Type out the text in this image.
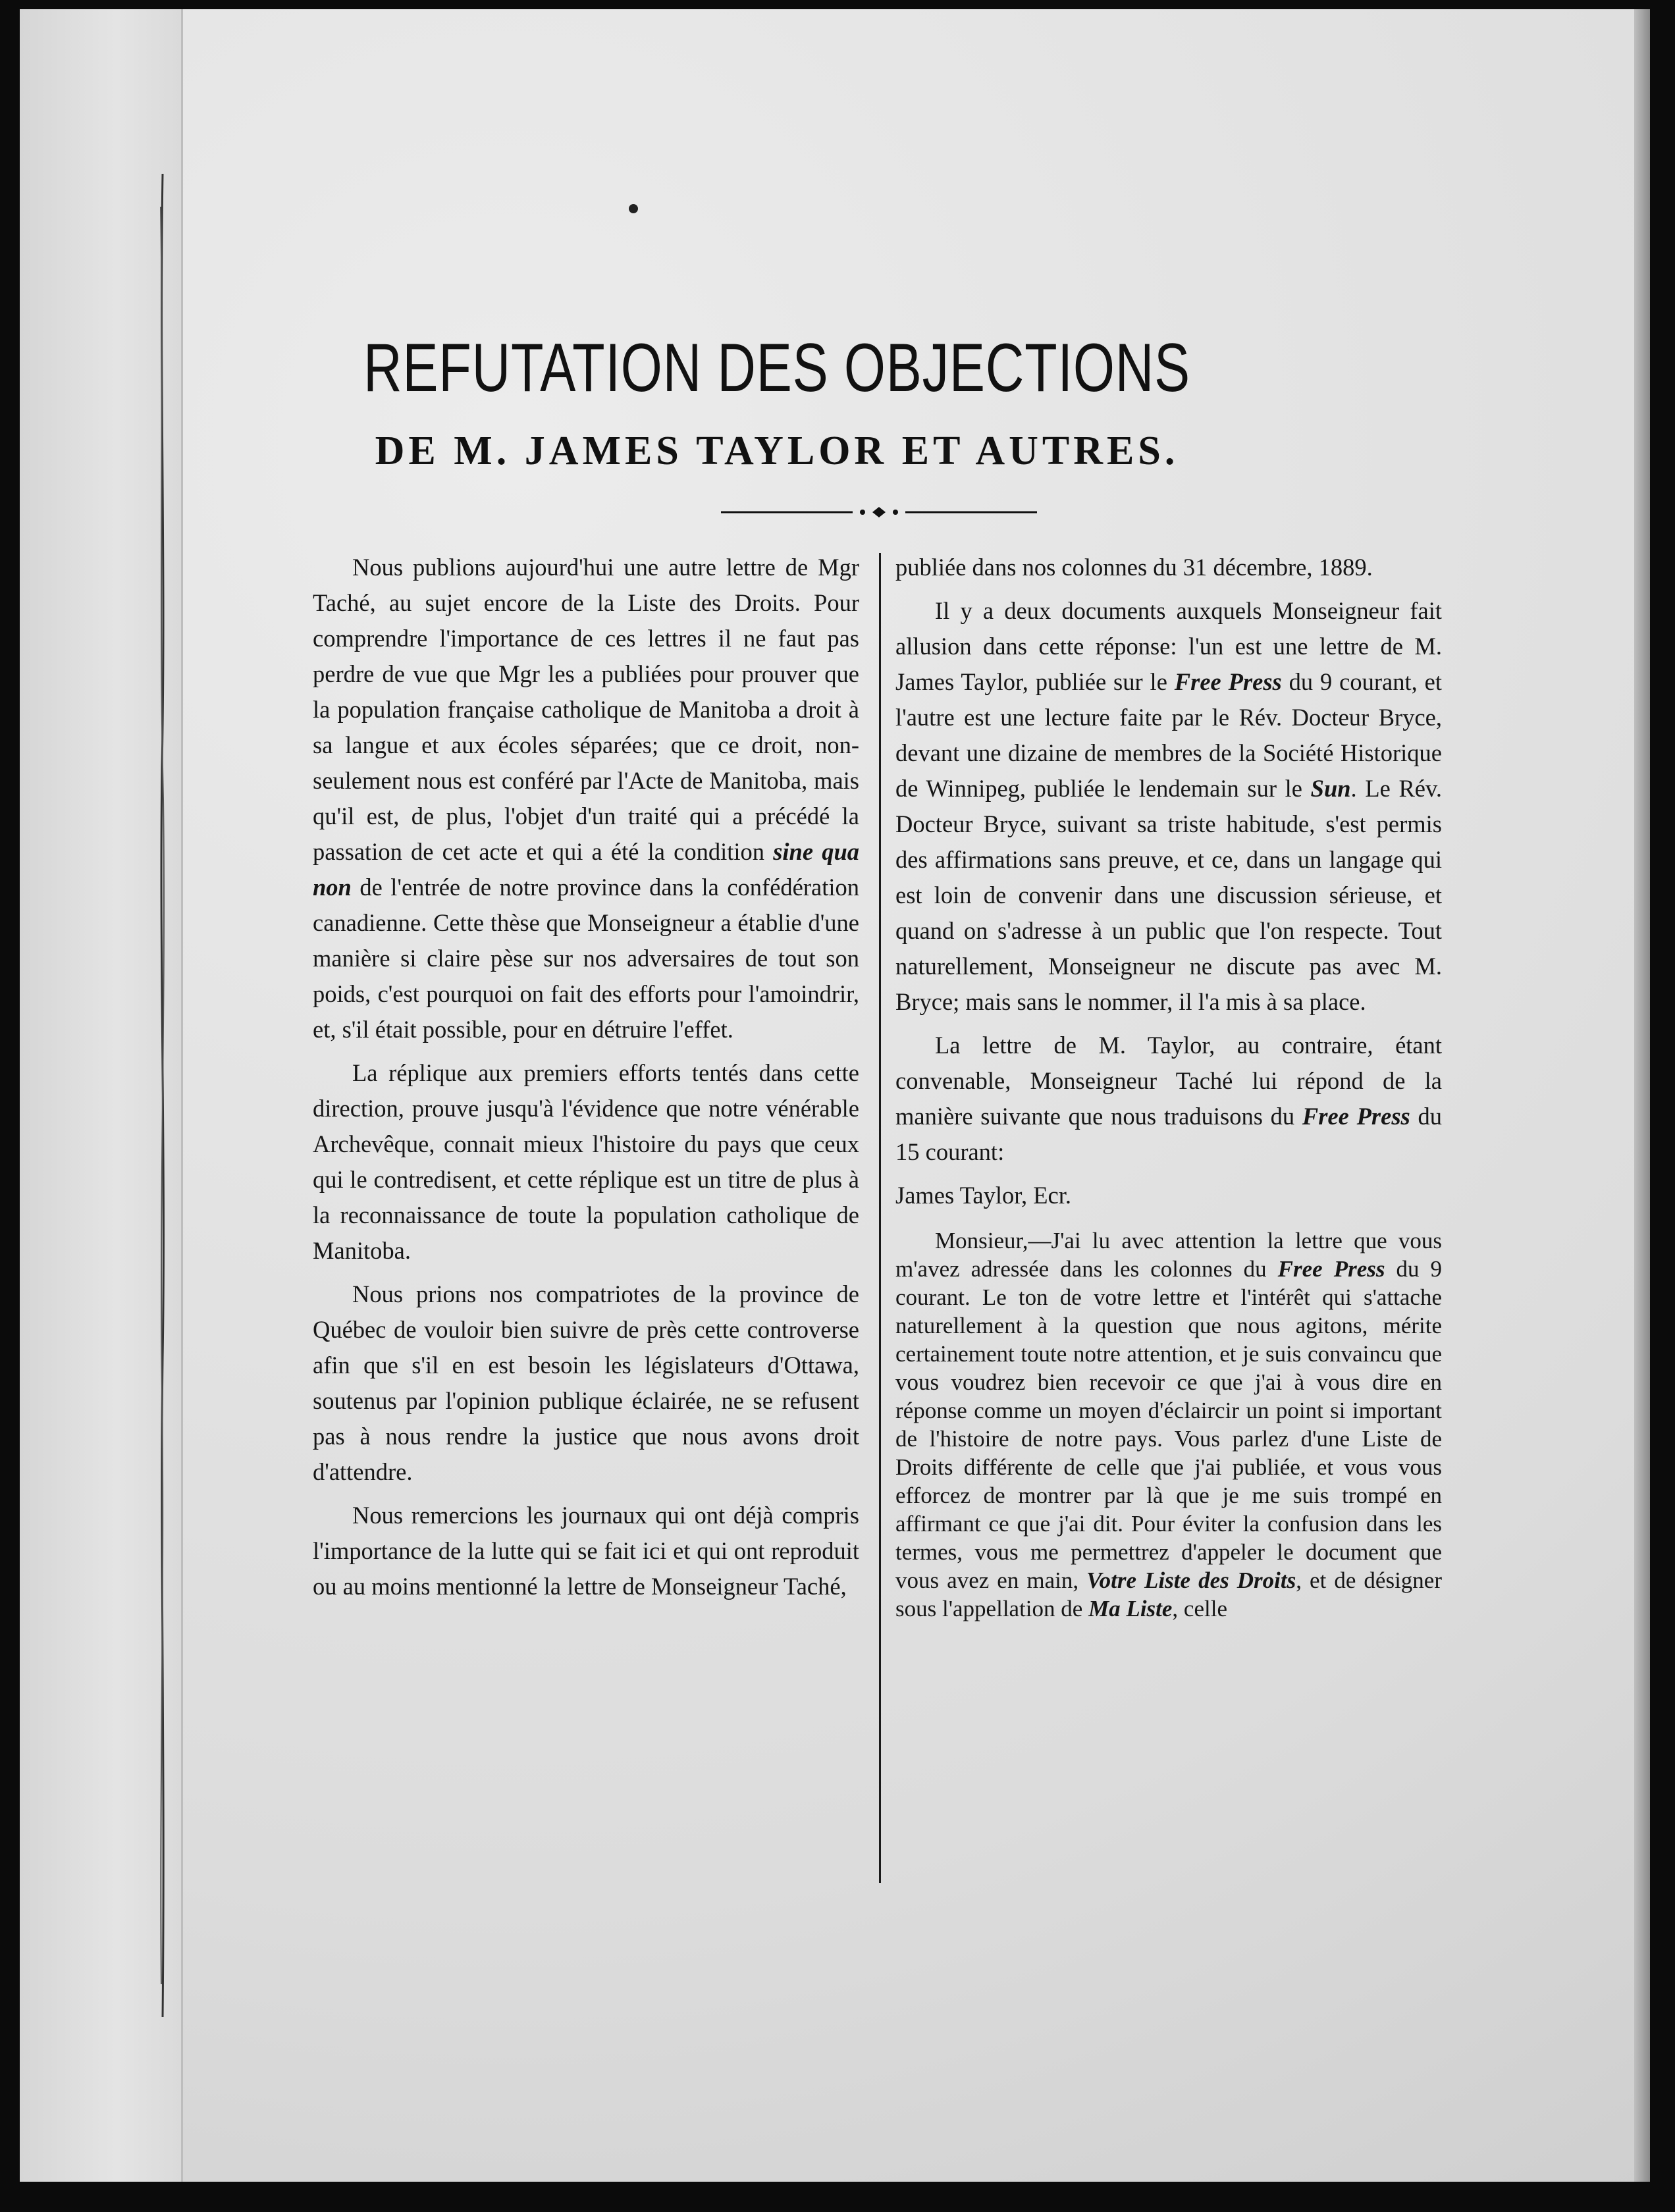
REFUTATION DES OBJECTIONS
DE M. JAMES TAYLOR ET AUTRES.

Nous publions aujourd'hui une autre lettre de Mgr Taché, au sujet encore de la Liste des Droits. Pour comprendre l'importance de ces lettres il ne faut pas perdre de vue que Mgr les a publiées pour prouver que la population française catholique de Manitoba a droit à sa langue et aux écoles séparées; que ce droit, non-seulement nous est conféré par l'Acte de Manitoba, mais qu'il est, de plus, l'objet d'un traité qui a précédé la passation de cet acte et qui a été la condition sine qua non de l'entrée de notre province dans la confédération canadienne. Cette thèse que Monseigneur a établie d'une manière si claire pèse sur nos adversaires de tout son poids, c'est pourquoi on fait des efforts pour l'amoindrir, et, s'il était possible, pour en détruire l'effet.

La réplique aux premiers efforts tentés dans cette direction, prouve jusqu'à l'évidence que notre vénérable Archevêque, connait mieux l'histoire du pays que ceux qui le contredisent, et cette réplique est un titre de plus à la reconnaissance de toute la population catholique de Manitoba.

Nous prions nos compatriotes de la province de Québec de vouloir bien suivre de près cette controverse afin que s'il en est besoin les législateurs d'Ottawa, soutenus par l'opinion publique éclairée, ne se refusent pas à nous rendre la justice que nous avons droit d'attendre.

Nous remercions les journaux qui ont déjà compris l'importance de la lutte qui se fait ici et qui ont reproduit ou au moins mentionné la lettre de Monseigneur Taché,

publiée dans nos colonnes du 31 décembre, 1889.

Il y a deux documents auxquels Monseigneur fait allusion dans cette réponse: l'un est une lettre de M. James Taylor, publiée sur le Free Press du 9 courant, et l'autre est une lecture faite par le Rév. Docteur Bryce, devant une dizaine de membres de la Société Historique de Winnipeg, publiée le lendemain sur le Sun. Le Rév. Docteur Bryce, suivant sa triste habitude, s'est permis des affirmations sans preuve, et ce, dans un langage qui est loin de convenir dans une discussion sérieuse, et quand on s'adresse à un public que l'on respecte. Tout naturellement, Monseigneur ne discute pas avec M. Bryce; mais sans le nommer, il l'a mis à sa place.

La lettre de M. Taylor, au contraire, étant convenable, Monseigneur Taché lui répond de la manière suivante que nous traduisons du Free Press du 15 courant:

James Taylor, Ecr.

Monsieur,—J'ai lu avec attention la lettre que vous m'avez adressée dans les colonnes du Free Press du 9 courant. Le ton de votre lettre et l'intérêt qui s'attache naturellement à la question que nous agitons, mérite certainement toute notre attention, et je suis convaincu que vous voudrez bien recevoir ce que j'ai à vous dire en réponse comme un moyen d'éclaircir un point si important de l'histoire de notre pays. Vous parlez d'une Liste de Droits différente de celle que j'ai publiée, et vous vous efforcez de montrer par là que je me suis trompé en affirmant ce que j'ai dit. Pour éviter la confusion dans les termes, vous me permettrez d'appeler le document que vous avez en main, Votre Liste des Droits, et de désigner sous l'appellation de Ma Liste, celle
